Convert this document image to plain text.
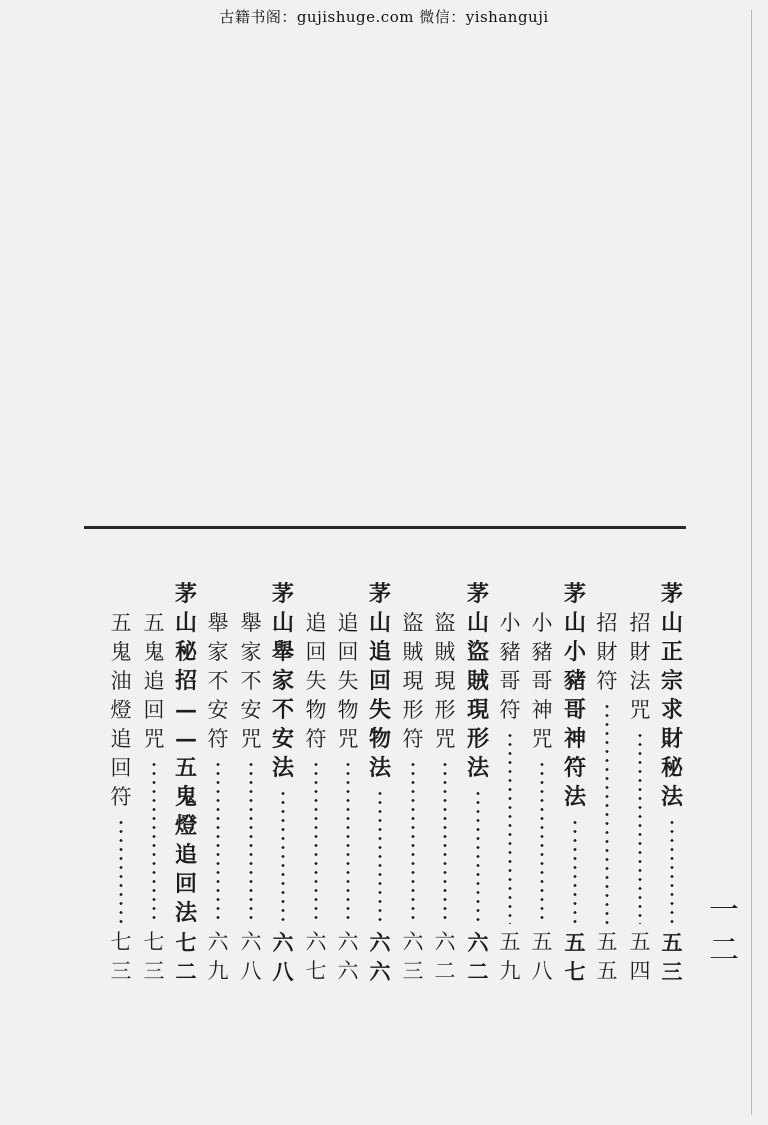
古籍书阁：gujishuge.com 微信：yishanguji
一
二
茅
山
正
宗
求
財
秘
法
五
三
招
財
法
咒
五
四
招
財
符
五
五
茅
山
小
豬
哥
神
符
法
五
七
小
豬
哥
神
咒
五
八
小
豬
哥
符
五
九
茅
山
盜
賊
現
形
法
六
二
盜
賊
現
形
咒
六
二
盜
賊
現
形
符
六
三
茅
山
追
回
失
物
法
六
六
追
回
失
物
咒
六
六
追
回
失
物
符
六
七
茅
山
舉
家
不
安
法
六
八
舉
家
不
安
咒
六
八
舉
家
不
安
符
六
九
茅
山
秘
招
—
—
五
鬼
燈
追
回
法
七
二
五
鬼
追
回
咒
七
三
五
鬼
油
燈
追
回
符
七
三
